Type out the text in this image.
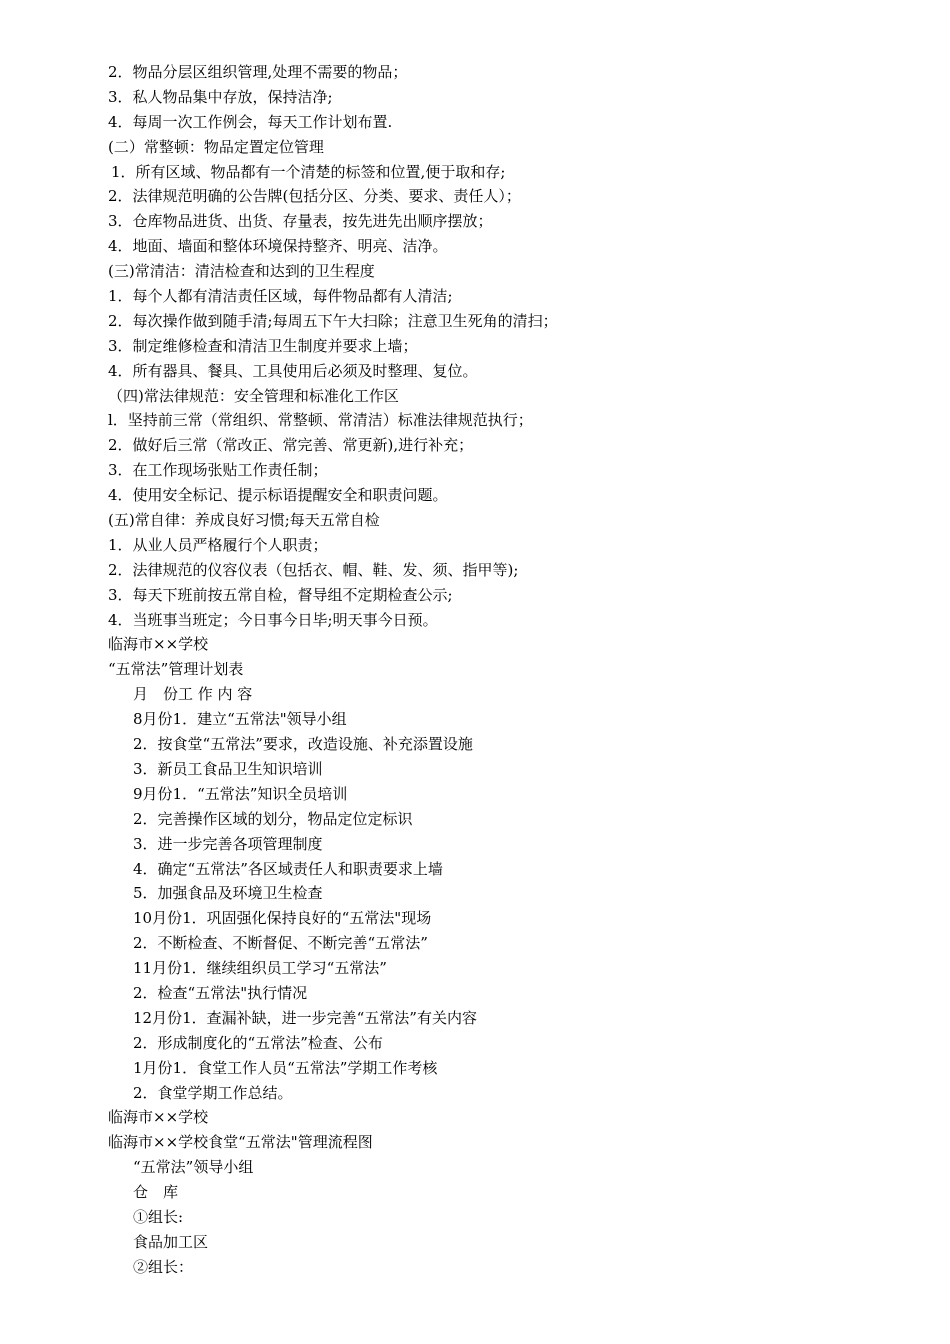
2．物品分层区组织管理,处理不需要的物品；
3．私人物品集中存放，保持洁净;
4．每周一次工作例会，每天工作计划布置.
(二）常整顿：物品定置定位管理
1．所有区域、物品都有一个清楚的标签和位置,便于取和存;
2．法律规范明确的公告牌(包括分区、分类、要求、责任人）；
3．仓库物品进货、出货、存量表，按先进先出顺序摆放；
4．地面、墙面和整体环境保持整齐、明亮、洁净。
(三)常清洁：清洁检查和达到的卫生程度
1．每个人都有清洁责任区域，每件物品都有人清洁;
2．每次操作做到随手清;每周五下午大扫除；注意卫生死角的清扫；
3．制定维修检查和清洁卫生制度并要求上墙；
4．所有器具、餐具、工具使用后必须及时整理、复位。
（四)常法律规范：安全管理和标准化工作区
l．坚持前三常（常组织、常整顿、常清洁）标准法律规范执行；
2．做好后三常（常改正、常完善、常更新),进行补充；
3．在工作现场张贴工作责任制；
4．使用安全标记、提示标语提醒安全和职责问题。
(五)常自律：养成良好习惯;每天五常自检
1．从业人员严格履行个人职责；
2．法律规范的仪容仪表（包括衣、帽、鞋、发、须、指甲等);
3．每天下班前按五常自检，督导组不定期检查公示;
4．当班事当班定；今日事今日毕;明天事今日预。
临海市××学校
“五常法”管理计划表
月　份工 作 内 容
8月份1．建立“五常法"领导小组
2．按食堂“五常法”要求，改造设施、补充添置设施
3．新员工食品卫生知识培训
9月份1．“五常法”知识全员培训
2．完善操作区域的划分，物品定位定标识
3．进一步完善各项管理制度
4．确定“五常法”各区域责任人和职责要求上墙
5．加强食品及环境卫生检查
10月份1．巩固强化保持良好的“五常法"现场
2．不断检查、不断督促、不断完善“五常法”
11月份1．继续组织员工学习“五常法”
2．检查“五常法"执行情况
12月份1．查漏补缺，进一步完善“五常法”有关内容
2．形成制度化的“五常法”检查、公布
1月份1．食堂工作人员“五常法”学期工作考核
2．食堂学期工作总结。
临海市××学校
临海市××学校食堂“五常法"管理流程图
“五常法”领导小组
仓　库
①组长:
食品加工区
②组长：
